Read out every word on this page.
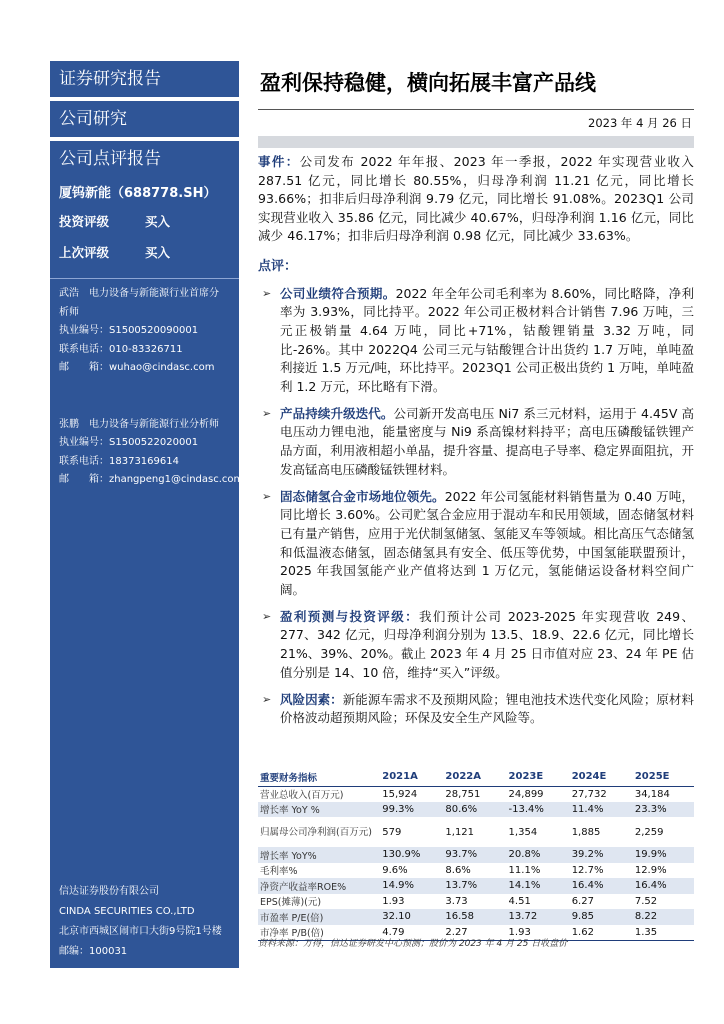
证券研究报告
公司研究
公司点评报告
厦钨新能（688778.SH）
投资评级	买入
上次评级	买入
武浩	电力设备与新能源行业首席分
析师
执业编号：S1500520090001
联系电话：010-83326711
邮　　箱：wuhao@cindasc.com
张鹏	电力设备与新能源行业分析师
执业编号：S1500522020001
联系电话：18373169614
邮　　箱：zhangpeng1@cindasc.com
信达证券股份有限公司
CINDA SECURITIES CO.,LTD
北京市西城区闹市口大街9号院1号楼
邮编：100031
盈利保持稳健，横向拓展丰富产品线
2023 年 4 月 26 日
事件：公司发布 2022 年年报、2023 年一季报，2022 年实现营业收入 287.51 亿元，同比增长 80.55%，归母净利润 11.21 亿元，同比增长 93.66%；扣非后归母净利润 9.79 亿元，同比增长 91.08%。2023Q1 公司实现营业收入 35.86 亿元，同比减少 40.67%，归母净利润 1.16 亿元，同比减少 46.17%；扣非后归母净利润 0.98 亿元，同比减少 33.63%。
点评：
➢ 公司业绩符合预期。2022 年全年公司毛利率为 8.60%，同比略降，净利率为 3.93%，同比持平。2022 年公司正极材料合计销售 7.96 万吨，三元正极销量 4.64 万吨，同比+71%，钴酸锂销量 3.32 万吨，同比-26%。其中 2022Q4 公司三元与钴酸锂合计出货约 1.7 万吨，单吨盈利接近 1.5 万元/吨，环比持平。2023Q1 公司正极出货约 1 万吨，单吨盈利 1.2 万元，环比略有下滑。
➢ 产品持续升级迭代。公司新开发高电压 Ni7 系三元材料，运用于 4.45V 高电压动力锂电池，能量密度与 Ni9 系高镍材料持平；高电压磷酸锰铁锂产品方面，利用液相超小单晶，提升容量、提高电子导率、稳定界面阻抗，开发高锰高电压磷酸锰铁锂材料。
➢ 固态储氢合金市场地位领先。2022 年公司氢能材料销售量为 0.40 万吨，同比增长 3.60%。公司贮氢合金应用于混动车和民用领域，固态储氢材料已有量产销售，应用于光伏制氢储氢、氢能叉车等领域。相比高压气态储氢和低温液态储氢，固态储氢具有安全、低压等优势，中国氢能联盟预计， 2025 年我国氢能产业产值将达到 1 万亿元，氢能储运设备材料空间广阔。
➢ 盈利预测与投资评级：我们预计公司 2023-2025 年实现营收 249、277、342 亿元，归母净利润分别为 13.5、18.9、22.6 亿元，同比增长 21%、39%、20%。截止 2023 年 4 月 25 日市值对应 23、24 年 PE 估值分别是 14、10 倍，维持“买入”评级。
➢ 风险因素：新能源车需求不及预期风险；锂电池技术迭代变化风险；原材料价格波动超预期风险；环保及安全生产风险等。
重要财务指标	2021A	2022A	2023E	2024E	2025E
营业总收入(百万元)	15,924	28,751	24,899	27,732	34,184
增长率 YoY %	99.3%	80.6%	-13.4%	11.4%	23.3%
归属母公司净利润(百万元)	579	1,121	1,354	1,885	2,259
增长率 YoY%	130.9%	93.7%	20.8%	39.2%	19.9%
毛利率%	9.6%	8.6%	11.1%	12.7%	12.9%
净资产收益率ROE%	14.9%	13.7%	14.1%	16.4%	16.4%
EPS(摊薄)(元)	1.93	3.73	4.51	6.27	7.52
市盈率 P/E(倍)	32.10	16.58	13.72	9.85	8.22
市净率 P/B(倍)	4.79	2.27	1.93	1.62	1.35
资料来源：万得，信达证券研发中心预测；股价为 2023 年 4 月 25 日收盘价
